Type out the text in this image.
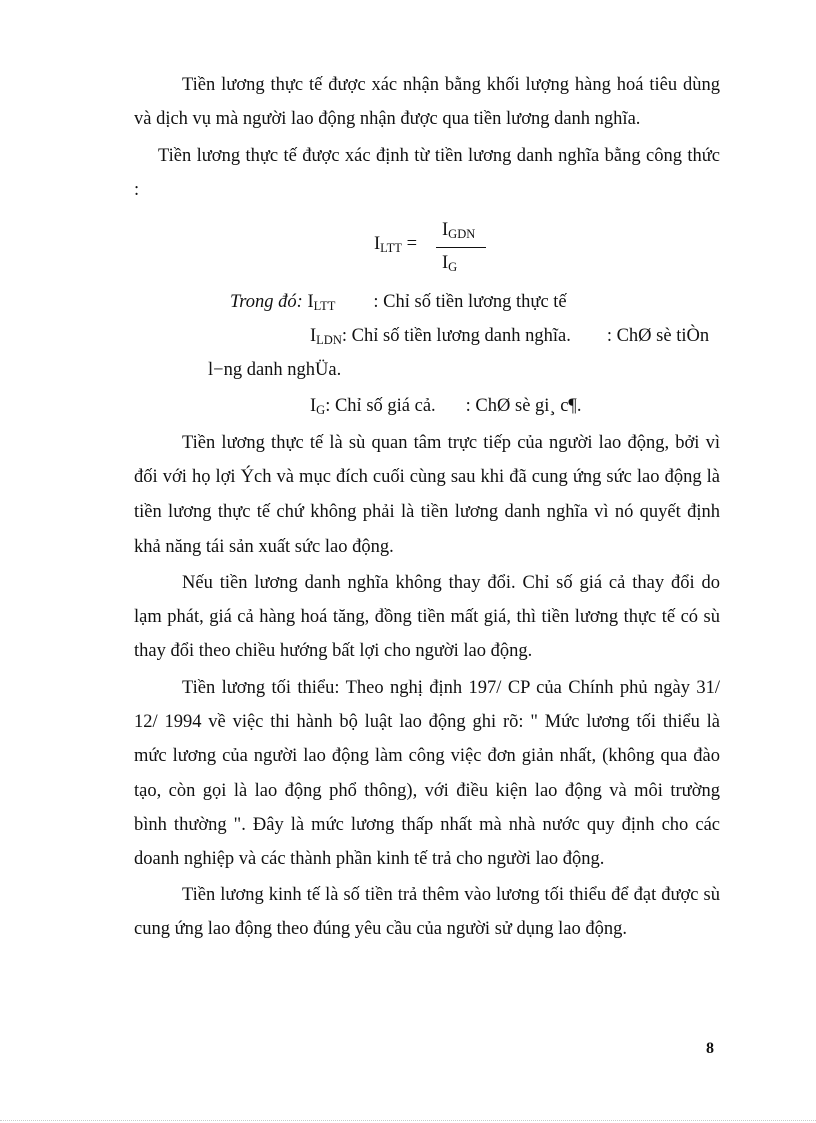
Tiền lương thực tế được xác nhận bằng khối lượng hàng hoá tiêu dùng
và dịch vụ mà người lao động nhận được qua tiền lương danh nghĩa.
Tiền lương thực tế được xác định từ tiền lương danh nghĩa bằng công thức
:
$I_{LTT}$ =
$I_{GDN}$
$I_G$
Trong đó: $I_{LTT}$ : Chỉ số tiền lương thực tế
$I_{LDN}$: Chỉ số tiền lương danh nghĩa. : ChØ sè tiÒn
l−ng danh nghÜa.
$I_G$: Chỉ số giá cả. : ChØ sè gi¸ c¶.
Tiền lương thực tế là sù quan tâm trực tiếp của người lao động, bởi vì
đối với họ lợi Ých và mục đích cuối cùng sau khi đã cung ứng sức lao động là
tiền lương thực tế chứ không phải là tiền lương danh nghĩa vì nó quyết định
khả năng tái sản xuất sức lao động.
Nếu tiền lương danh nghĩa không thay đổi. Chỉ số giá cả thay đổi do
lạm phát, giá cả hàng hoá tăng, đồng tiền mất giá, thì tiền lương thực tế có sù
thay đổi theo chiều hướng bất lợi cho người lao động.
Tiền lương tối thiểu: Theo nghị định 197/ CP của Chính phủ ngày 31/
12/ 1994 về việc thi hành bộ luật lao động ghi rõ: " Mức lương tối thiểu là
mức lương của người lao động làm công việc đơn giản nhất, (không qua đào
tạo, còn gọi là lao động phổ thông), với điều kiện lao động và môi trường
bình thường ". Đây là mức lương thấp nhất mà nhà nước quy định cho các
doanh nghiệp và các thành phần kinh tế trả cho người lao động.
Tiền lương kinh tế là số tiền trả thêm vào lương tối thiểu để đạt được sù
cung ứng lao động theo đúng yêu cầu của người sử dụng lao động.
8
